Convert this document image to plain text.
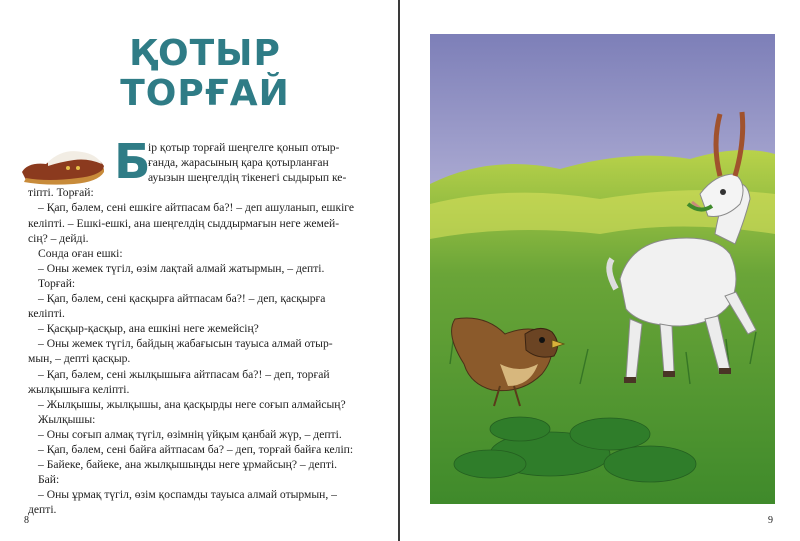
ҚОТЫР
ТОРҒАЙ
Б
ір қотыр торғай шеңгелге қонып отыр-
ғанда, жарасының қара қотырланған
ауызын шеңгелдің тікенегі сыдырып ке-
тіпті. Торғай:
– Қап, бәлем, сені ешкіге айтпасам ба?! – деп ашуланып, ешкіге
келіпті. – Ешкі-ешкі, ана шеңгелдің сыддырмағын неге жемей-
сің? – дейді.
Сонда оған ешкі:
– Оны жемек түгіл, өзім лақтай алмай жатырмын, – депті.
Торғай:
– Қап, бәлем, сені қасқырға айтпасам ба?! – деп, қасқырға
келіпті.
– Қасқыр-қасқыр, ана ешкіні неге жемейсің?
– Оны жемек түгіл, байдың жабағысын тауыса алмай отыр-
мын, – депті қасқыр.
– Қап, бәлем, сені жылқышыға айтпасам ба?! – деп, торғай
жылқышыға келіпті.
– Жылқышы, жылқышы, ана қасқырды неге соғып алмайсың?
Жылқышы:
– Оны соғып алмақ түгіл, өзімнің үйқым қанбай жүр, – депті.
– Қап, бәлем, сені байға айтпасам ба? – деп, торғай байға келіп:
– Байеке, байеке, ана жылқышыңды неге ұрмайсың? – депті.
Бай:
– Оны ұрмақ түгіл, өзім қоспамды тауыса алмай отырмын, –
депті.
8	9
